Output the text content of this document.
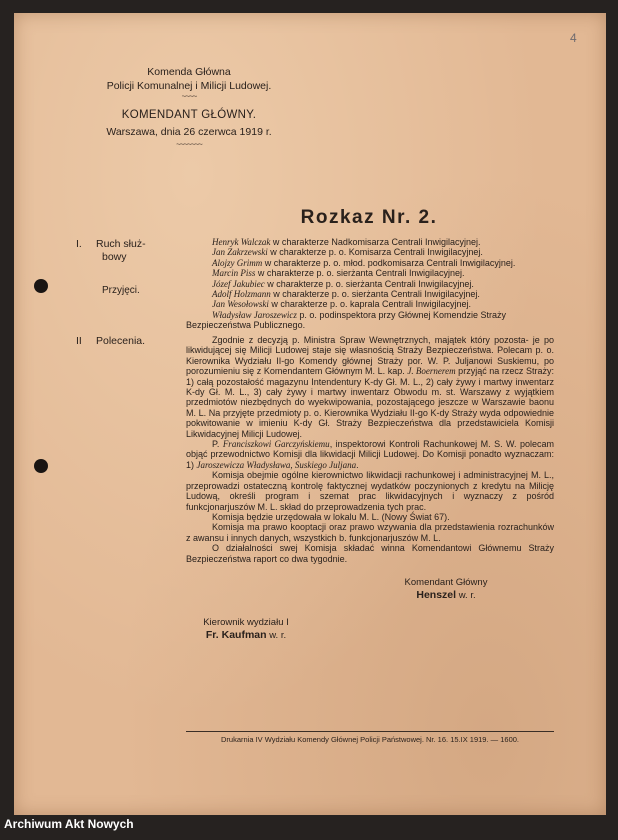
4
Komenda Główna
Policji Komunalnej i Milicji Ludowej.
~~~~
KOMENDANT GŁÓWNY.
Warszawa, dnia 26 czerwca 1919 r.
~~~~~~~
Rozkaz Nr. 2.
I. Ruch służ-
bowy
Przyjęci.

Henryk Walczak w charakterze Nadkomisarza Centrali Inwigilacyjnej.

Jan Zakrzewski w charakterze p. o. Komisarza Centrali Inwigilacyjnej.

Alojzy Grimm w charakterze p. o. młod. podkomisarza Centrali Inwigilacyjnej.

Marcin Piss w charakterze p. o. sierżanta Centrali Inwigilacyjnej.

Józef Jakubiec w charakterze p. o. sierżanta Centrali Inwigilacyjnej.

Adolf Holzmann w charakterze p. o. sierżanta Centrali Inwigilacyjnej.

Jan Wesołowski w charakterze p. o. kaprala Centrali Inwigilacyjnej.

Władysław Jaroszewicz p. o. podinspektora przy Głównej Komendzie Straży Bezpieczeństwa Publicznego.

II Polecenia.	Zgodnie z decyzją p. Ministra Spraw Wewnętrznych, majątek który pozosta- je po likwidującej się Milicji Ludowej staje się własnością Straży Bezpieczeństwa. Polecam p. o. Kierownika Wydziału II-go Komendy głównej Straży por. W. P. Juljanowi Suskiemu, po porozumieniu się z Komendantem Głównym M. L. kap. J. Boernerem przyjąć na rzecz Straży: 1) całą pozostałość magazynu Intendentury K-dy Gł. M. L., 2) cały żywy i martwy inwentarz K-dy Gł. M. L., 3) cały żywy i martwy inwentarz Obwodu m. st. Warszawy z wyjątkiem przedmiotów niezbędnych do wyekwipowania, pozostającego jeszcze w Warszawie baonu M. L. Na przyjęte przedmioty p. o. Kierownika Wydziału II-go K-dy Straży wyda odpowiednie pokwitowanie w imieniu K-dy Gł. Straży Bezpieczeństwa dla przedstawiciela Komisji Likwidacyjnej Milicji Ludowej.

P. Franciszkowi Garczyńskiemu, inspektorowi Kontroli Rachunkowej M. S. W. polecam objąć przewodnictwo Komisji dla likwidacji Milicji Ludowej. Do Komisji ponadto wyznaczam: 1) Jaroszewicza Władysława, Suskiego Juljana.

Komisja obejmie ogólne kierownictwo likwidacji rachunkowej i administracyjnej M. L., przeprowadzi ostateczną kontrolę faktycznej wydatków poczynionych z kredytu na Milicję Ludową, określi program i szemat prac likwidacyjnych i wyznaczy z pośród funkcjonarjuszów M. L. skład do przeprowadzenia tych prac.

Komisja będzie urzędowała w lokalu M. L. (Nowy Świat 67).

Komisja ma prawo kooptacji oraz prawo wzywania dla przedstawienia rozrachunków z awansu i innych danych, wszystkich b. funkcjonarjuszów M. L.

O działalności swej Komisja składać winna Komendantowi Głównemu Straży Bezpieczeństwa raport co dwa tygodnie.

Komendant Główny
Henszel w. r.
Kierownik wydziału I
Fr. Kaufman w. r.
Drukarnia IV Wydziału Komendy Głównej Policji Państwowej. Nr. 16. 15.IX 1919. — 1600.
Archiwum Akt Nowych
